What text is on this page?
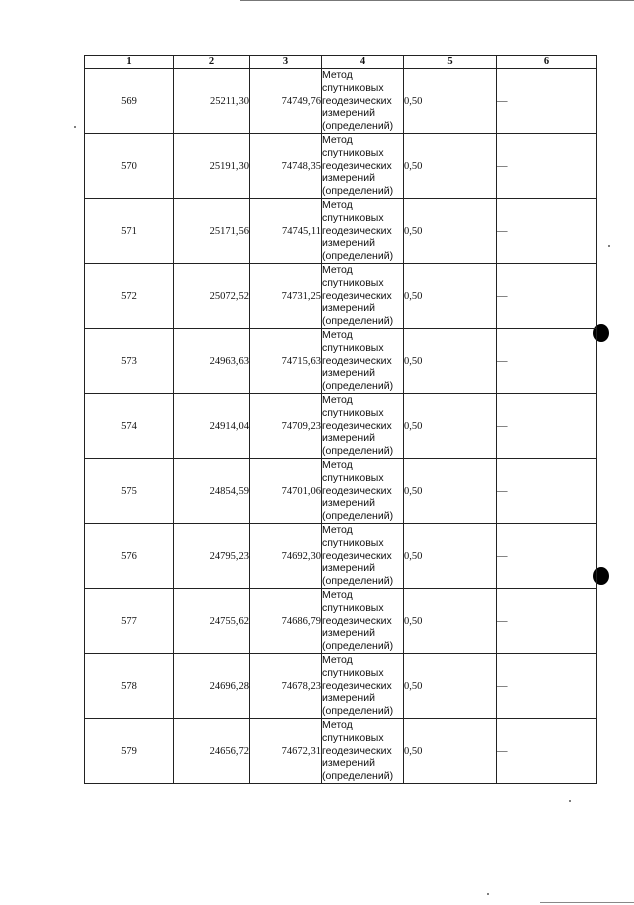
1	2	3	4	5	6
569	25211,30	74749,76	Метод
спутниковых
геодезических
измерений
(определений)	0,50	—
570	25191,30	74748,35	Метод
спутниковых
геодезических
измерений
(определений)	0,50	—
571	25171,56	74745,11	Метод
спутниковых
геодезических
измерений
(определений)	0,50	—
572	25072,52	74731,25	Метод
спутниковых
геодезических
измерений
(определений)	0,50	—
573	24963,63	74715,63	Метод
спутниковых
геодезических
измерений
(определений)	0,50	—
574	24914,04	74709,23	Метод
спутниковых
геодезических
измерений
(определений)	0,50	—
575	24854,59	74701,06	Метод
спутниковых
геодезических
измерений
(определений)	0,50	—
576	24795,23	74692,30	Метод
спутниковых
геодезических
измерений
(определений)	0,50	—
577	24755,62	74686,79	Метод
спутниковых
геодезических
измерений
(определений)	0,50	—
578	24696,28	74678,23	Метод
спутниковых
геодезических
измерений
(определений)	0,50	—
579	24656,72	74672,31	Метод
спутниковых
геодезических
измерений
(определений)	0,50	—
